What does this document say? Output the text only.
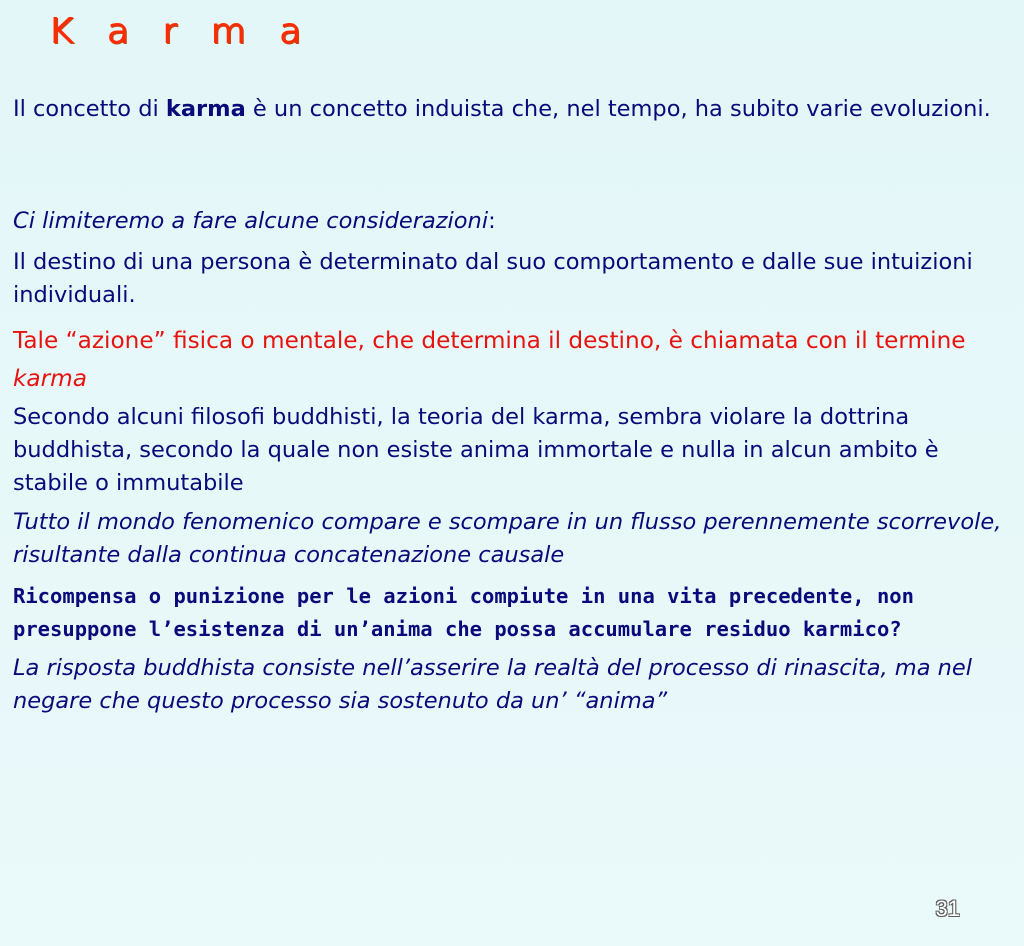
K a r m a

Il concetto di karma è un concetto induista che, nel tempo, ha subito varie evoluzioni.

Ci limiteremo a fare alcune considerazioni:

Il destino di una persona è determinato dal suo comportamento e dalle sue intuizioni individuali.

Tale “azione” fisica o mentale, che determina il destino, è chiamata con il termine karma

Secondo alcuni filosofi buddhisti, la teoria del karma, sembra violare la dottrina buddhista, secondo la quale non esiste anima immortale e nulla in alcun ambito è stabile o immutabile

Tutto il mondo fenomenico compare e scompare in un flusso perennemente scorrevole, risultante dalla continua concatenazione causale

Ricompensa o punizione per le azioni compiute in una vita precedente, non presuppone l’esistenza di un’anima che possa accumulare residuo karmico?

La risposta buddhista consiste nell’asserire la realtà del processo di rinascita, ma nel negare che questo processo sia sostenuto da un’ “anima”

31
